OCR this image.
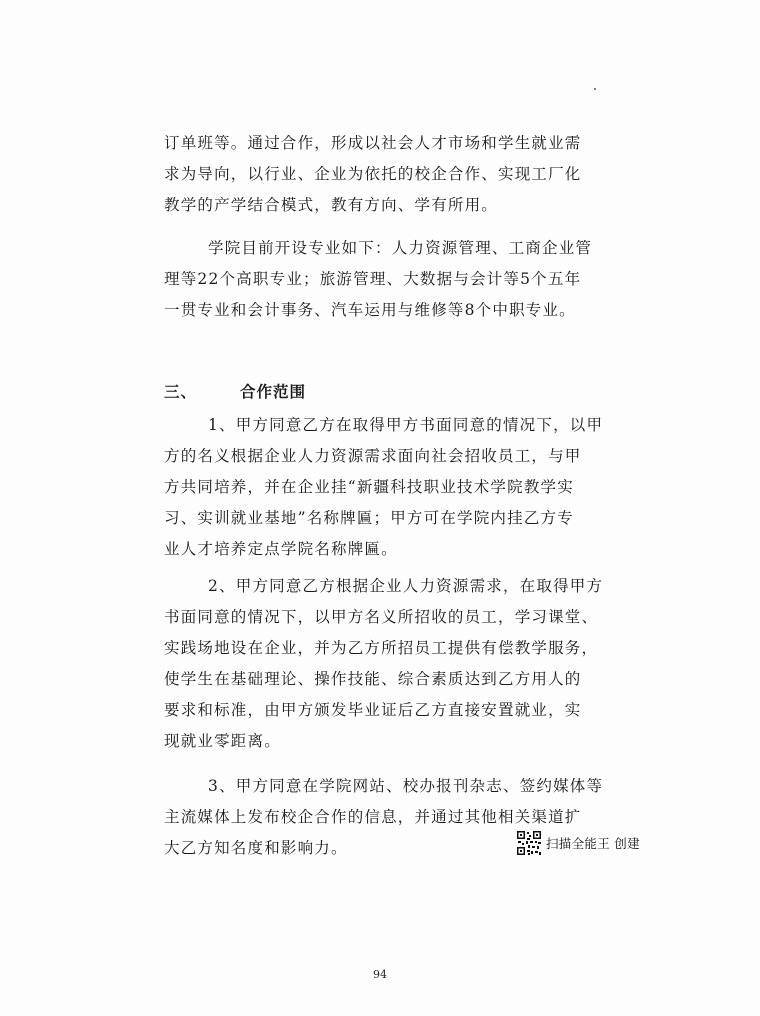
订单班等。通过合作，形成以社会人才市场和学生就业需
求为导向，以行业、企业为依托的校企合作、实现工厂化
教学的产学结合模式，教有方向、学有所用。

学院目前开设专业如下：人力资源管理、工商企业管
理等22个高职专业；旅游管理、大数据与会计等5个五年
一贯专业和会计事务、汽车运用与维修等8个中职专业。

三、	合作范围

1、甲方同意乙方在取得甲方书面同意的情况下，以甲
方的名义根据企业人力资源需求面向社会招收员工，与甲
方共同培养，并在企业挂“新疆科技职业技术学院教学实
习、实训就业基地”名称牌匾；甲方可在学院内挂乙方专
业人才培养定点学院名称牌匾。

2、甲方同意乙方根据企业人力资源需求，在取得甲方
书面同意的情况下，以甲方名义所招收的员工，学习课堂、
实践场地设在企业，并为乙方所招员工提供有偿教学服务，
使学生在基础理论、操作技能、综合素质达到乙方用人的
要求和标准，由甲方颁发毕业证后乙方直接安置就业，实
现就业零距离。

3、甲方同意在学院网站、校办报刊杂志、签约媒体等
主流媒体上发布校企合作的信息，并通过其他相关渠道扩
大乙方知名度和影响力。	扫描全能王 创建
94
